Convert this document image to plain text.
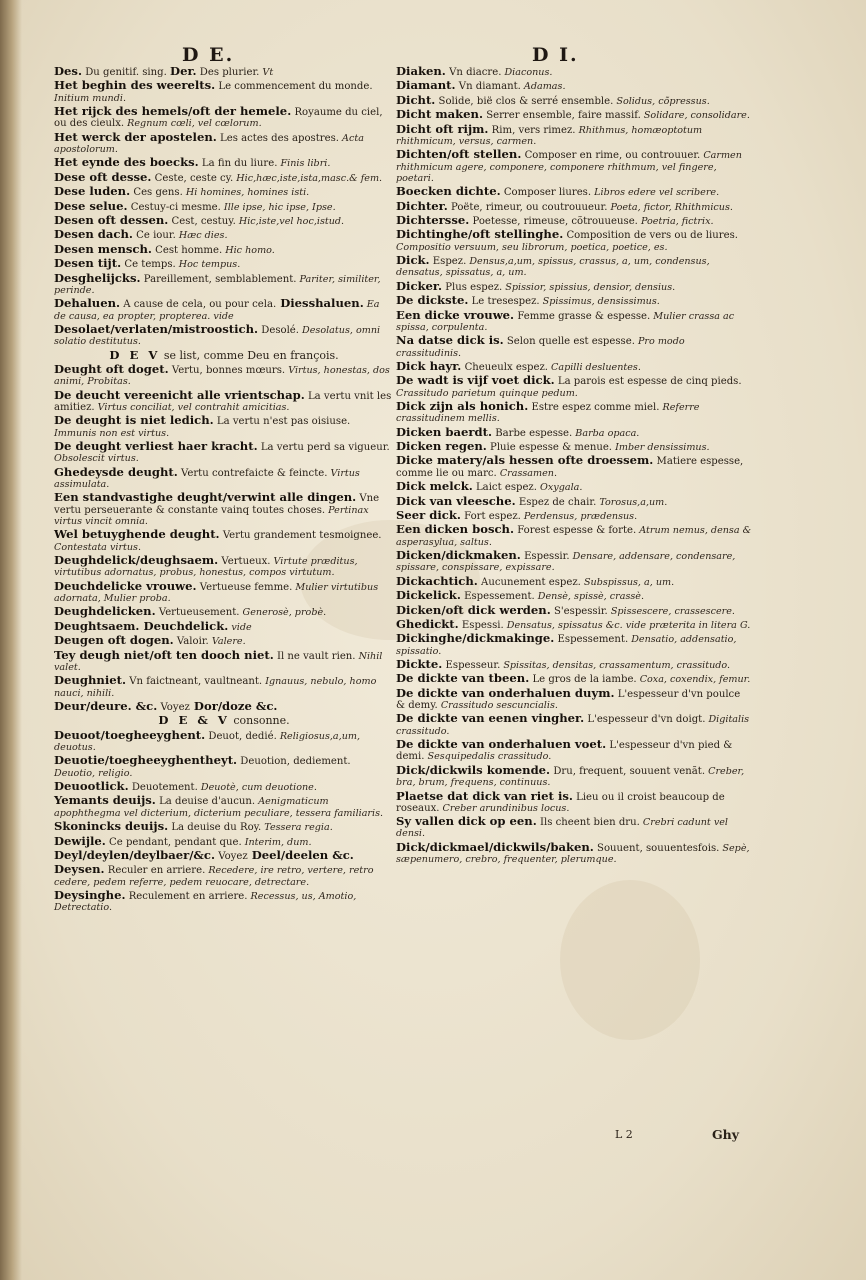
D E.	D I.
Des. Du genitif. sing. Der. Des plurier. Vt
Het beghin des weerelts. Le commencement du monde. Initium mundi.
Het rijck des hemels/oft der hemele. Royaume du ciel, ou des cieulx. Regnum cœli, vel cœlorum.
Het werck der apostelen. Les actes des apostres. Acta apostolorum.
Het eynde des boecks. La fin du liure. Finis libri.
Dese oft desse. Ceste, ceste cy. Hic,hæc,iste,ista,masc.& fem.
Dese luden. Ces gens. Hi homines, homines isti.
Dese selue. Cestuy-ci mesme. Ille ipse, hic ipse, Ipse.
Desen oft dessen. Cest, cestuy. Hic,iste,vel hoc,istud.
Desen dach. Ce iour. Hæc dies.
Desen mensch. Cest homme. Hic homo.
Desen tijt. Ce temps. Hoc tempus.
Desghelijcks. Pareillement, semblablement. Pariter, similiter, perinde.
Dehaluen. A cause de cela, ou pour cela. Diesshaluen. Ea de causa, ea propter, propterea. vide
Desolaet/verlaten/mistroostich. Desolé. Desolatus, omni solatio destitutus.
D E V se list, comme Deu en françois.
Deught oft doget. Vertu, bonnes mœurs. Virtus, honestas, dos animi, Probitas.
De deucht vereenicht alle vrientschap. La vertu vnit les amitiez. Virtus conciliat, vel contrahit amicitias.
De deught is niet ledich. La vertu n'est pas oisiuse. Immunis non est virtus.
De deught verliest haer kracht. La vertu perd sa vigueur. Obsolescit virtus.
Ghedeysde deught. Vertu contrefaicte & feincte. Virtus assimulata.
Een standvastighe deught/verwint alle dingen. Vne vertu perseuerante & constante vainq toutes choses. Pertinax virtus vincit omnia.
Wel betuyghende deught. Vertu grandement tesmoignee. Contestata virtus.
Deughdelick/deughsaem. Vertueux. Virtute præditus, virtutibus adornatus, probus, honestus, compos virtutum.
Deuchdelicke vrouwe. Vertueuse femme. Mulier virtutibus adornata, Mulier proba.
Deughdelicken. Vertueusement. Generosè, probè.
Deughtsaem. Deuchdelick. vide
Deugen oft dogen. Valoir. Valere.
Tey deugh niet/oft ten dooch niet. Il ne vault rien. Nihil valet.
Deughniet. Vn faictneant, vaultneant. Ignauus, nebulo, homo nauci, nihili.
Deur/deure. &c. Voyez Dor/doze &c.
D E & V consonne.
Deuoot/toegheeyghent. Deuot, dedié. Religiosus,a,um, deuotus.
Deuotie/toegheeyghentheyt. Deuotion, dediement. Deuotio, religio.
Deuootlick. Deuotement. Deuotè, cum deuotione.
Yemants deuijs. La deuise d'aucun. Aenigmaticum apophthegma vel dicterium, dicterium peculiare, tessera familiaris.
Skonincks deuijs. La deuise du Roy. Tessera regia.
Dewijle. Ce pendant, pendant que. Interim, dum.
Deyl/deylen/deylbaer/&c. Voyez Deel/deelen &c.
Deysen. Reculer en arriere. Recedere, ire retro, vertere, retro cedere, pedem referre, pedem reuocare, detrectare.
Deysinghe. Reculement en arriere. Recessus, us, Amotio, Detrectatio.
Diaken. Vn diacre. Diaconus.
Diamant. Vn diamant. Adamas.
Dicht. Solide, bië clos & serré ensemble. Solidus, cõpressus.
Dicht maken. Serrer ensemble, faire massif. Solidare, consolidare.
Dicht oft rijm. Rim, vers rimez. Rhithmus, homæoptotum rhithmicum, versus, carmen.
Dichten/oft stellen. Composer en rime, ou controuuer. Carmen rhithmicum agere, componere, componere rhithmum, vel fingere, poetari.
Boecken dichte. Composer liures. Libros edere vel scribere.
Dichter. Poëte, rimeur, ou coutrouueur. Poeta, fictor, Rhithmicus.
Dichtersse. Poetesse, rimeuse, cõtrouueuse. Poetria, fictrix.
Dichtinghe/oft stellinghe. Composition de vers ou de liures. Compositio versuum, seu librorum, poetica, poetice, es.
Dick. Espez. Densus,a,um, spissus, crassus, a, um, condensus, densatus, spissatus, a, um.
Dicker. Plus espez. Spissior, spissius, densior, densius.
De dickste. Le tresespez. Spissimus, densissimus.
Een dicke vrouwe. Femme grasse & espesse. Mulier crassa ac spissa, corpulenta.
Na datse dick is. Selon quelle est espesse. Pro modo crassitudinis.
Dick hayr. Cheueulx espez. Capilli desluentes.
De wadt is vijf voet dick. La parois est espesse de cinq pieds. Crassitudo parietum quinque pedum.
Dick zijn als honich. Estre espez comme miel. Referre crassitudinem mellis.
Dicken baerdt. Barbe espesse. Barba opaca.
Dicken regen. Pluie espesse & menue. Imber densissimus.
Dicke matery/als hessen ofte droessem. Matiere espesse, comme lie ou marc. Crassamen.
Dick melck. Laict espez. Oxygala.
Dick van vleesche. Espez de chair. Torosus,a,um.
Seer dick. Fort espez. Perdensus, prædensus.
Een dicken bosch. Forest espesse & forte. Atrum nemus, densa & asperasylua, saltus.
Dicken/dickmaken. Espessir. Densare, addensare, condensare, spissare, conspissare, expissare.
Dickachtich. Aucunement espez. Subspissus, a, um.
Dickelick. Espessement. Densè, spissè, crassè.
Dicken/oft dick werden. S'espessir. Spissescere, crassescere.
Ghedickt. Espessi. Densatus, spissatus &c. vide præterita in litera G.
Dickinghe/dickmakinge. Espessement. Densatio, addensatio, spissatio.
Dickte. Espesseur. Spissitas, densitas, crassamentum, crassitudo.
De dickte van tbeen. Le gros de la iambe. Coxa, coxendix, femur.
De dickte van onderhaluen duym. L'espesseur d'vn poulce & demy. Crassitudo sescuncialis.
De dickte van eenen vingher. L'espesseur d'vn doigt. Digitalis crassitudo.
De dickte van onderhaluen voet. L'espesseur d'vn pied & demi. Sesquipedalis crassitudo.
Dick/dickwils komende. Dru, frequent, souuent venãt. Creber, bra, brum, frequens, continuus.
Plaetse dat dick van riet is. Lieu ou il croist beaucoup de roseaux. Creber arundinibus locus.
Sy vallen dick op een. Ils cheent bien dru. Crebri cadunt vel densi.
Dick/dickmael/dickwils/baken. Souuent, souuentesfois. Sepè, sæpenumero, crebro, frequenter, plerumque.
L 2	Ghy
